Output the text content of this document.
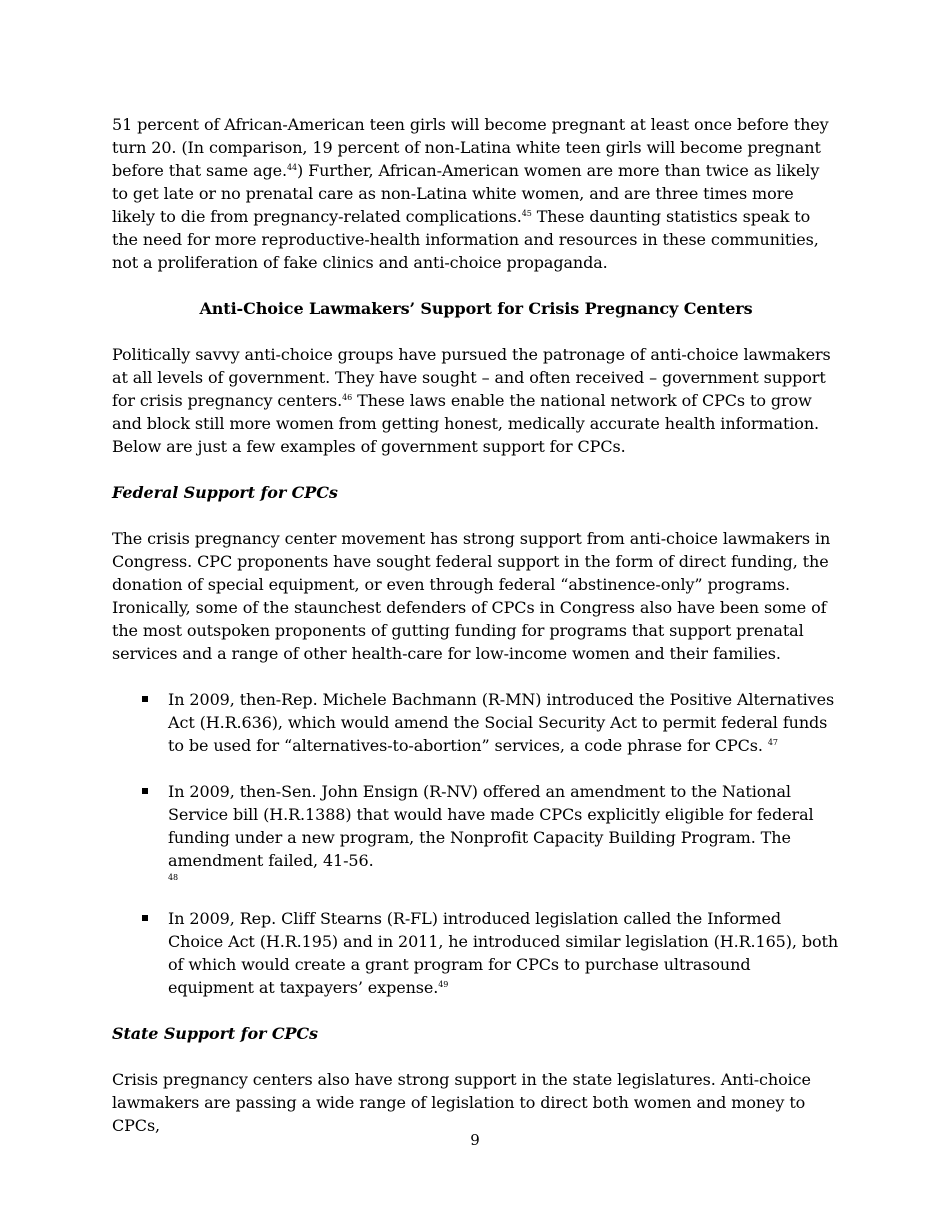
51 percent of African-American teen girls will become pregnant at least once before they turn 20. (In comparison, 19 percent of non-Latina white teen girls will become pregnant before that same age.$^{44}$) Further, African-American women are more than twice as likely to get late or no prenatal care as non-Latina white women, and are three times more likely to die from pregnancy-related complications.$^{45}$ These daunting statistics speak to the need for more reproductive-health information and resources in these communities, not a proliferation of fake clinics and anti-choice propaganda.

Anti-Choice Lawmakers’ Support for Crisis Pregnancy Centers

Politically savvy anti-choice groups have pursued the patronage of anti-choice lawmakers at all levels of government. They have sought – and often received – government support for crisis pregnancy centers.$^{46}$ These laws enable the national network of CPCs to grow and block still more women from getting honest, medically accurate health information. Below are just a few examples of government support for CPCs.

Federal Support for CPCs

The crisis pregnancy center movement has strong support from anti-choice lawmakers in Congress. CPC proponents have sought federal support in the form of direct funding, the donation of special equipment, or even through federal “abstinence-only” programs. Ironically, some of the staunchest defenders of CPCs in Congress also have been some of the most outspoken proponents of gutting funding for programs that support prenatal services and a range of other health-care for low-income women and their families.

In 2009, then-Rep. Michele Bachmann (R-MN) introduced the Positive Alternatives Act (H.R.636), which would amend the Social Security Act to permit federal funds to be used for “alternatives-to-abortion” services, a code phrase for CPCs. $^{47}$

In 2009, then-Sen. John Ensign (R-NV) offered an amendment to the National Service bill (H.R.1388) that would have made CPCs explicitly eligible for federal funding under a new program, the Nonprofit Capacity Building Program. The amendment failed, 41-56.
48

In 2009, Rep. Cliff Stearns (R-FL) introduced legislation called the Informed Choice Act (H.R.195) and in 2011, he introduced similar legislation (H.R.165), both of which would create a grant program for CPCs to purchase ultrasound equipment at taxpayers’ expense.$^{49}$

State Support for CPCs

Crisis pregnancy centers also have strong support in the state legislatures. Anti-choice lawmakers are passing a wide range of legislation to direct both women and money to CPCs,

9
